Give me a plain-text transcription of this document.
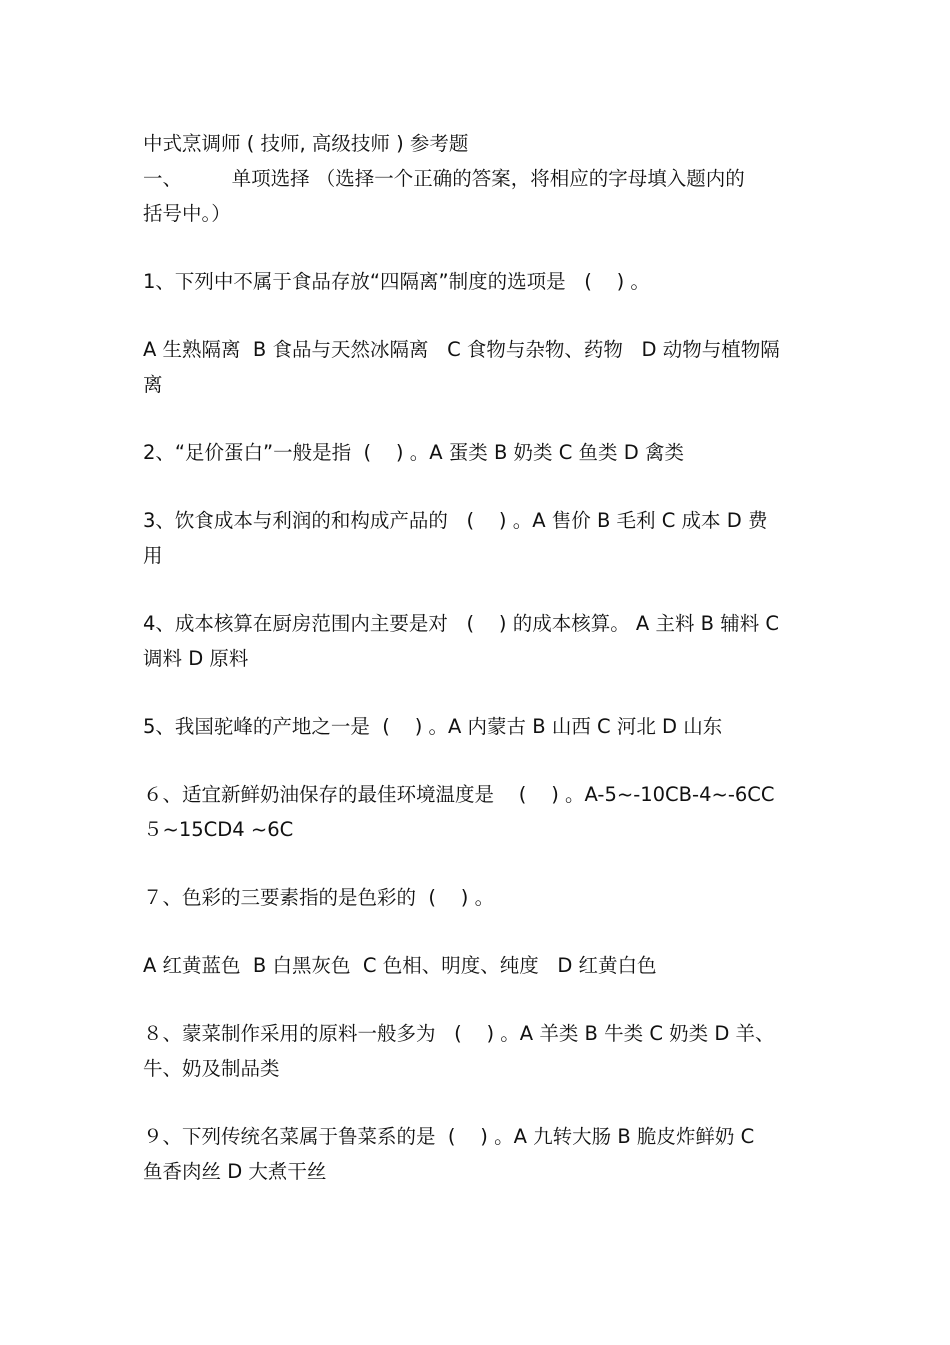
中式烹调师 ( 技师, 高级技师 ) 参考题
一、        单项选择 （选择一个正确的答案，将相应的字母填入题内的
括号中。）
1、下列中不属于食品存放“四隔离”制度的选项是   (    ) 。
A 生熟隔离  B 食品与天然冰隔离   C 食物与杂物、药物   D 动物与植物隔
离
2、“足价蛋白”一般是指  (    ) 。A 蛋类 B 奶类 C 鱼类 D 禽类
3、饮食成本与利润的和构成产品的   (    ) 。A 售价 B 毛利 C 成本 D 费
用
4、成本核算在厨房范围内主要是对   (    ) 的成本核算。 A 主料 B 辅料 C
调料 D 原料
5、我国驼峰的产地之一是  (    ) 。A 内蒙古 B 山西 C 河北 D 山东
６、适宜新鲜奶油保存的最佳环境温度是    (    ) 。A-5~-10CB-4~-6CC
５~15CD4 ~6C
７、色彩的三要素指的是色彩的  (    ) 。
A 红黄蓝色  B 白黑灰色  C 色相、明度、纯度   D 红黄白色
８、蒙菜制作采用的原料一般多为   (    ) 。A 羊类 B 牛类 C 奶类 D 羊、
牛、奶及制品类
９、下列传统名菜属于鲁菜系的是  (    ) 。A 九转大肠 B 脆皮炸鲜奶 C
鱼香肉丝 D 大煮干丝
